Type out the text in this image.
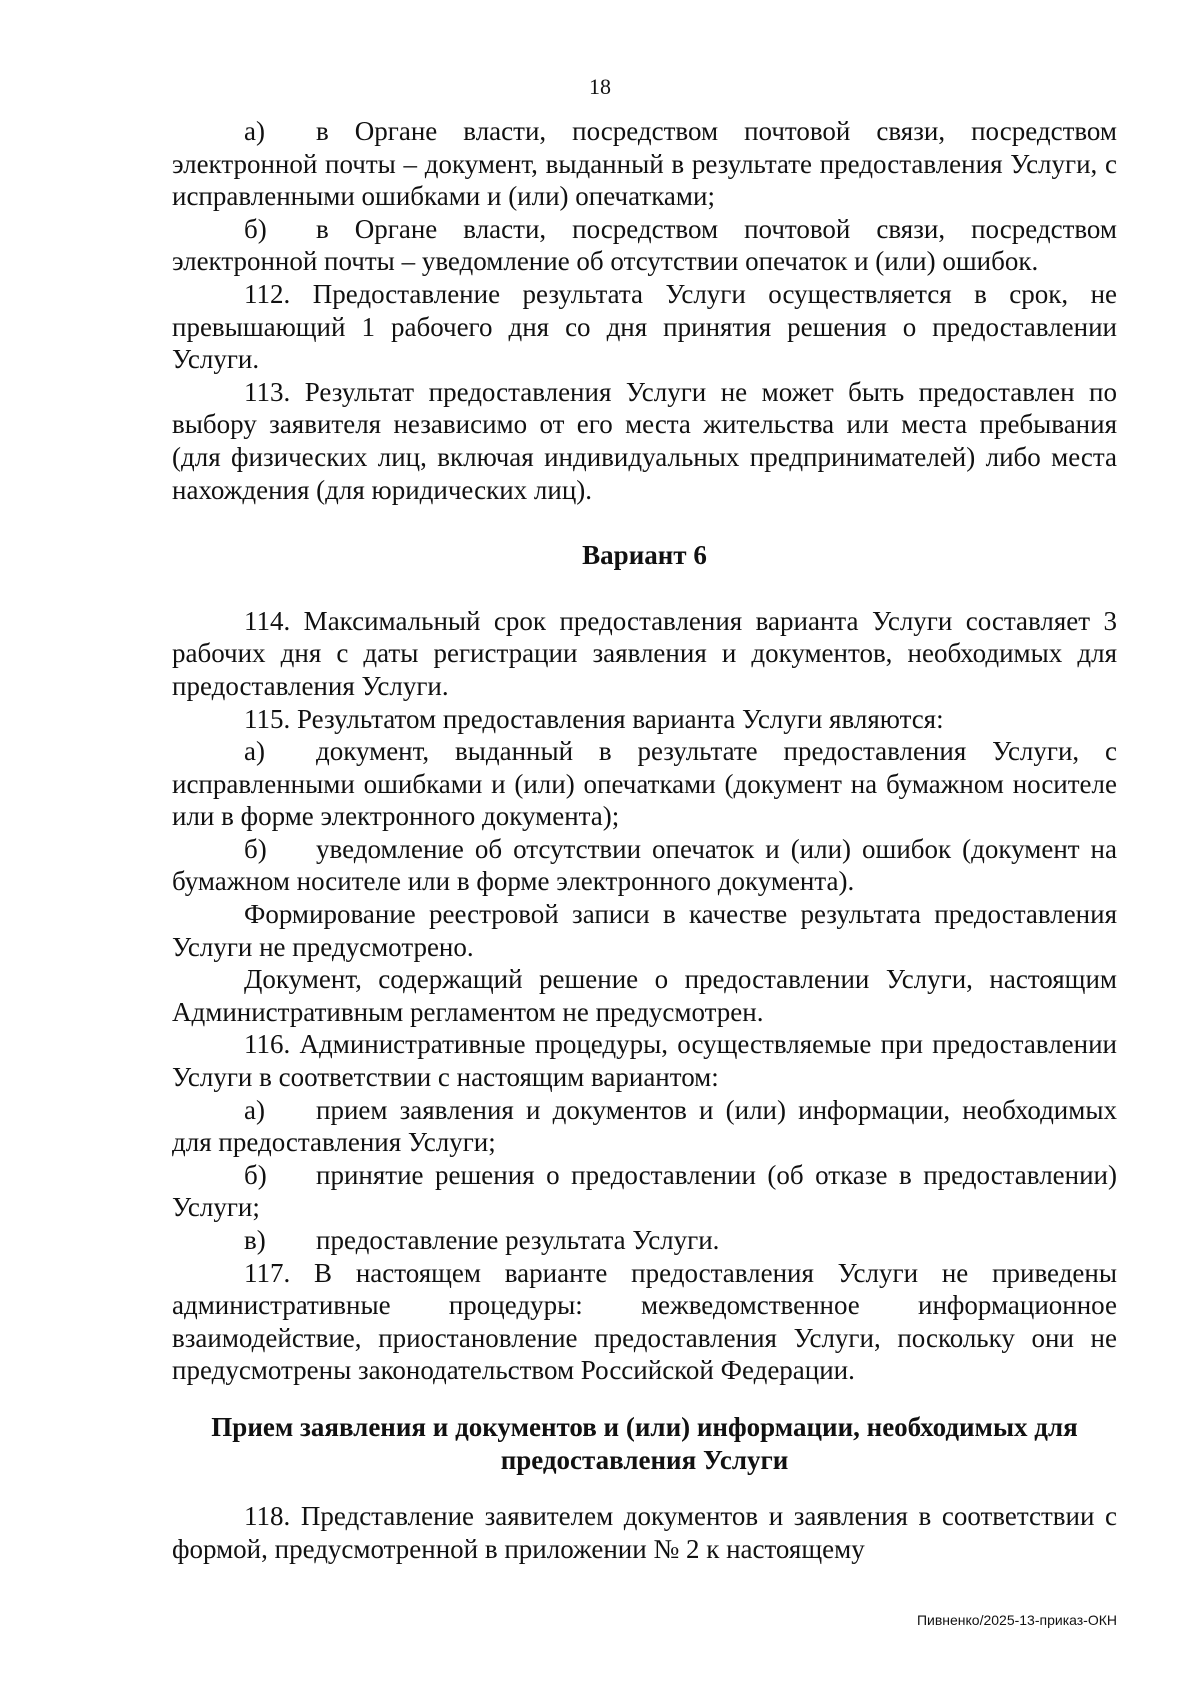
18

а) в Органе власти, посредством почтовой связи, посредством электронной почты – документ, выданный в результате предоставления Услуги, с исправленными ошибками и (или) опечатками;

б) в Органе власти, посредством почтовой связи, посредством электронной почты – уведомление об отсутствии опечаток и (или) ошибок.

112. Предоставление результата Услуги осуществляется в срок, не превышающий 1 рабочего дня со дня принятия решения о предоставлении Услуги.

113. Результат предоставления Услуги не может быть предоставлен по выбору заявителя независимо от его места жительства или места пребывания (для физических лиц, включая индивидуальных предпринимателей) либо места нахождения (для юридических лиц).

Вариант 6

114. Максимальный срок предоставления варианта Услуги составляет 3 рабочих дня с даты регистрации заявления и документов, необходимых для предоставления Услуги.

115. Результатом предоставления варианта Услуги являются:

а) документ, выданный в результате предоставления Услуги, с исправленными ошибками и (или) опечатками (документ на бумажном носителе или в форме электронного документа);

б) уведомление об отсутствии опечаток и (или) ошибок (документ на бумажном носителе или в форме электронного документа).

Формирование реестровой записи в качестве результата предоставления Услуги не предусмотрено.

Документ, содержащий решение о предоставлении Услуги, настоящим Административным регламентом не предусмотрен.

116. Административные процедуры, осуществляемые при предоставлении Услуги в соответствии с настоящим вариантом:

а) прием заявления и документов и (или) информации, необходимых для предоставления Услуги;

б) принятие решения о предоставлении (об отказе в предоставлении) Услуги;

в) предоставление результата Услуги.

117. В настоящем варианте предоставления Услуги не приведены административные процедуры: межведомственное информационное взаимодействие, приостановление предоставления Услуги, поскольку они не предусмотрены законодательством Российской Федерации.

Прием заявления и документов и (или) информации, необходимых для предоставления Услуги

118. Представление заявителем документов и заявления в соответствии с формой, предусмотренной в приложении № 2 к настоящему

Пивненко/2025-13-приказ-ОКН
